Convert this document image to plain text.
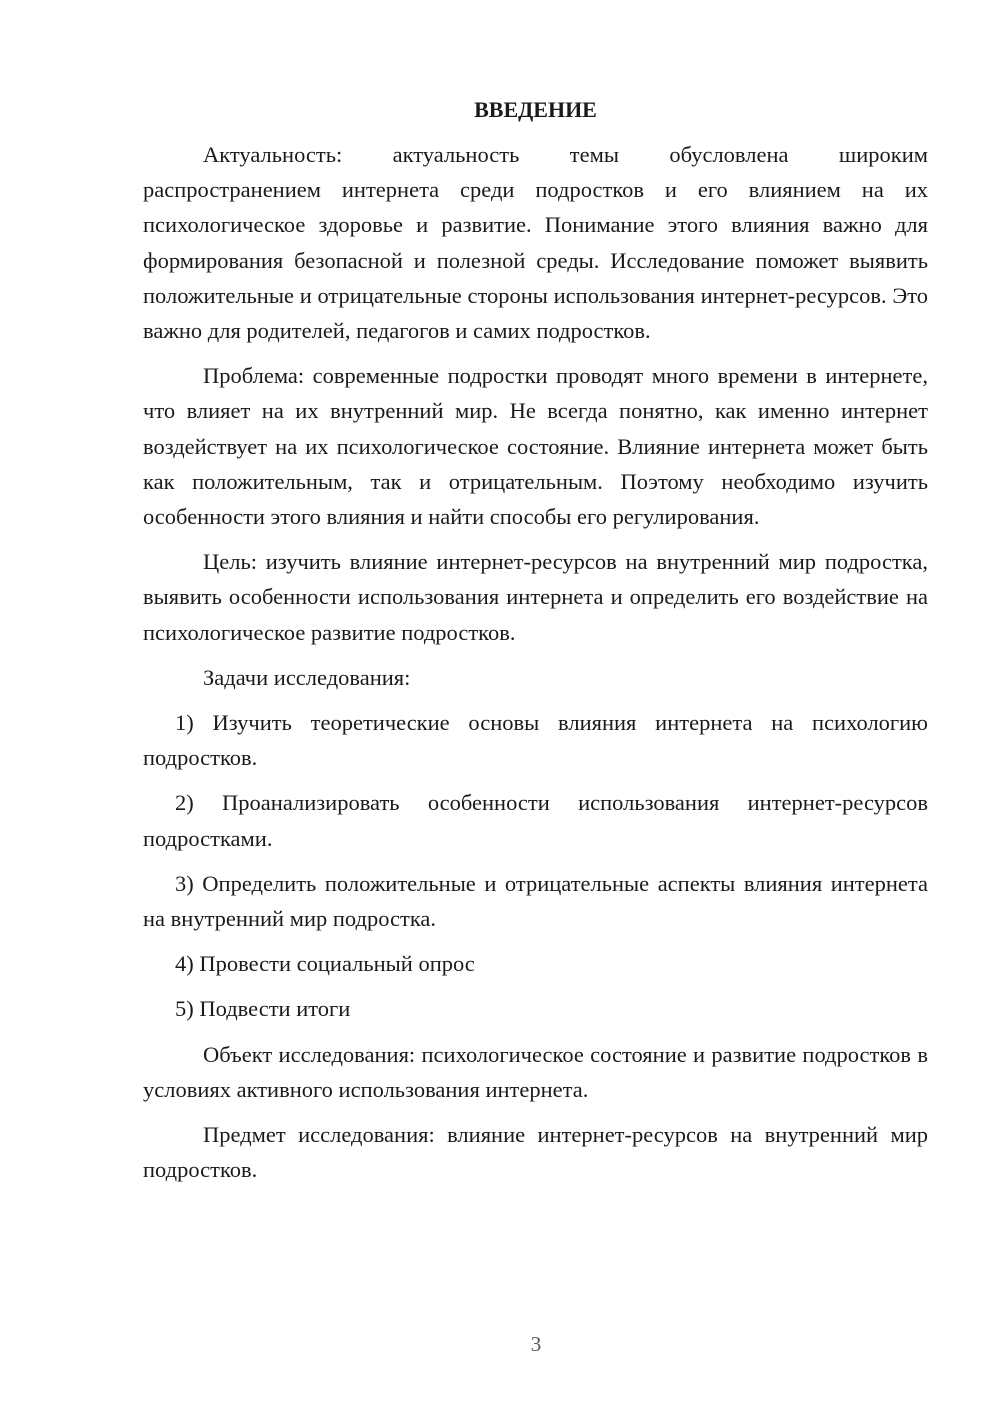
ВВЕДЕНИЕ

Актуальность: актуальность темы обусловлена широким распространением интернета среди подростков и его влиянием на их психологическое здоровье и развитие. Понимание этого влияния важно для формирования безопасной и полезной среды. Исследование поможет выявить положительные и отрицательные стороны использования интернет-ресурсов. Это важно для родителей, педагогов и самих подростков.

Проблема: современные подростки проводят много времени в интернете, что влияет на их внутренний мир. Не всегда понятно, как именно интернет воздействует на их психологическое состояние. Влияние интернета может быть как положительным, так и отрицательным. Поэтому необходимо изучить особенности этого влияния и найти способы его регулирования.

Цель: изучить влияние интернет-ресурсов на внутренний мир подростка, выявить особенности использования интернета и определить его воздействие на психологическое развитие подростков.

Задачи исследования:

1) Изучить теоретические основы влияния интернета на психологию подростков.

2) Проанализировать особенности использования интернет-ресурсов подростками.

3) Определить положительные и отрицательные аспекты влияния интернета на внутренний мир подростка.

4) Провести социальный опрос

5) Подвести итоги

Объект исследования: психологическое состояние и развитие подростков в условиях активного использования интернета.

Предмет исследования: влияние интернет-ресурсов на внутренний мир подростков.

3
